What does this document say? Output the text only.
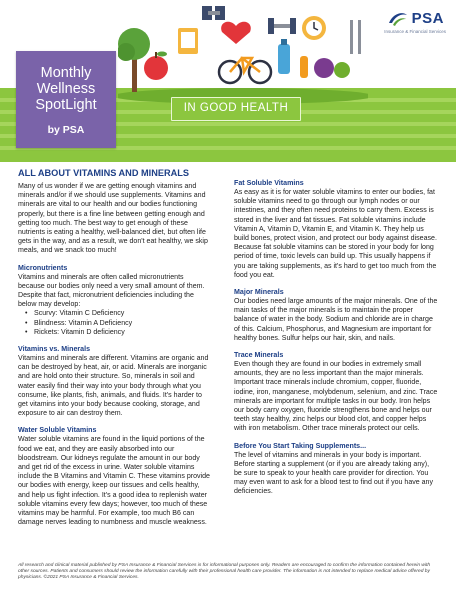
PSA
Insurance & Financial Services
Monthly
Wellness
SpotLight
by PSA
IN GOOD HEALTH
ALL ABOUT VITAMINS AND MINERALS

Many of us wonder if we are getting enough vitamins and minerals and/or if we should use supplements. Vitamins and minerals are vital to our health and our bodies functioning properly, but there is a fine line between getting enough and getting too much. The best way to get enough of these nutrients is eating a healthy, well-balanced diet, but often life gets in the way, and as a result, we don't eat healthy, we skip meals, and we snack too much!

Micronutrients

Vitamins and minerals are often called micronutrients because our bodies only need a very small amount of them. Despite that fact, micronutrient deficiencies including the below may develop:

• Scurvy: Vitamin C Deficiency
• Blindness: Vitamin A Deficiency
• Rickets: Vitamin D deficiency
Vitamins vs. Minerals

Vitamins and minerals are different. Vitamins are organic and can be destroyed by heat, air, or acid. Minerals are inorganic and are hold onto their structure. So, minerals in soil and water easily find their way into your body through what you consume, like plants, fish, animals, and fluids. It's harder to get vitamins into your body because cooking, storage, and exposure to air can destroy them.

Water Soluble Vitamins

Water soluble vitamins are found in the liquid portions of the food we eat, and they are easily absorbed into our bloodstream. Our kidneys regulate the amount in our body and get rid of the excess in urine. Water soluble vitamins include the B Vitamins and Vitamin C. These vitamins provide our bodies with energy, keep our tissues and cells healthy, and help us fight infection. It's a good idea to replenish water soluble vitamins every few days; however, too much of these vitamins may be harmful. For example, too much B6 can damage nerves leading to numbness and muscle weakness.

Fat Soluble Vitamins

As easy as it is for water soluble vitamins to enter our bodies, fat soluble vitamins need to go through our lymph nodes or our intestines, and they often need proteins to carry them. Excess is stored in the liver and fat tissues. Fat soluble vitamins include Vitamin A, Vitamin D, Vitamin E, and Vitamin K. They help us build bones, protect vision, and protect our body against disease. Because fat soluble vitamins can be stored in your body for long period of time, toxic levels can build up. This usually happens if you are taking supplements, as it's hard to get too much from the food you eat.

Major Minerals

Our bodies need large amounts of the major minerals. One of the main tasks of the major minerals is to maintain the proper balance of water in the body. Sodium and chloride are in charge of this. Calcium, Phosphorus, and Magnesium are important for healthy bones. Sulfur helps our hair, skin, and nails.

Trace Minerals

Even though they are found in our bodies in extremely small amounts, they are no less important than the major minerals. Important trace minerals include chromium, copper, fluoride, iodine, iron, manganese, molybdenum, selenium, and zinc. Trace minerals are important for multiple tasks in our body. Iron helps our body carry oxygen, fluoride strengthens bone and helps our teeth stay healthy, zinc helps our blood clot, and copper helps with iron metabolism. Other trace minerals protect our cells.

Before You Start Taking Supplements...

The level of vitamins and minerals in your body is important. Before starting a supplement (or if you are already taking any), be sure to speak to your health care provider for direction. You may even want to ask for a blood test to find out if you have any deficiencies.

All research and clinical material published by PSA Insurance & Financial Services is for informational purposes only. Readers are encouraged to confirm the information contained herein with other sources. Patients and consumers should review the information carefully with their professional health care provider. The information is not intended to replace medical advice offered by physicians. ©2021 PSA Insurance & Financial Services.
